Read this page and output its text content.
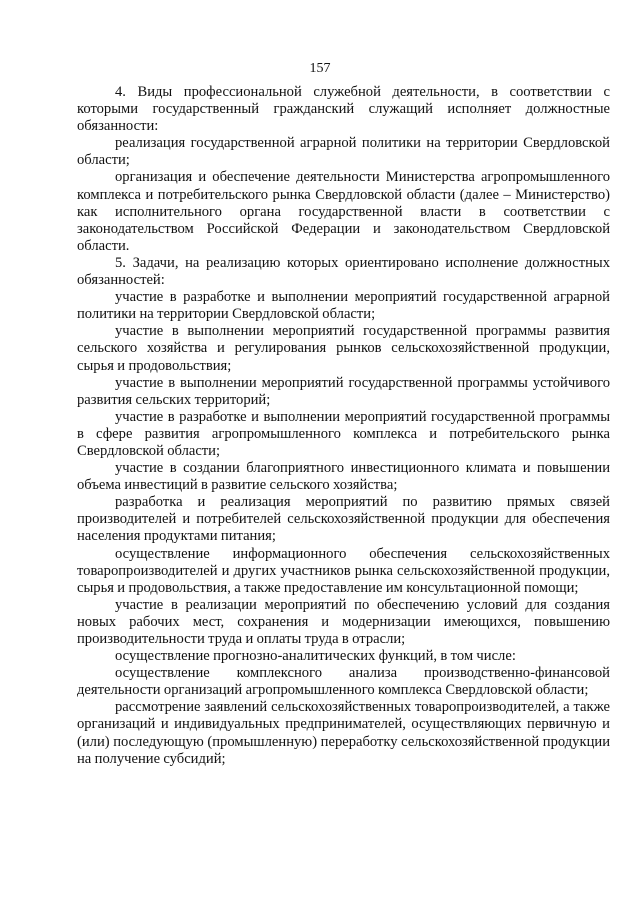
157

4. Виды профессиональной служебной деятельности, в соответствии с которыми государственный гражданский служащий исполняет должностные обязанности:

реализация государственной аграрной политики на территории Свердловской области;

организация и обеспечение деятельности Министерства агропромышленного комплекса и потребительского рынка Свердловской области (далее – Министерство) как исполнительного органа государственной власти в соответствии с законодательством Российской Федерации и законодательством Свердловской области.

5. Задачи, на реализацию которых ориентировано исполнение должностных обязанностей:

участие в разработке и выполнении мероприятий государственной аграрной политики на территории Свердловской области;

участие в выполнении мероприятий государственной программы развития сельского хозяйства и регулирования рынков сельскохозяйственной продукции, сырья и продовольствия;

участие в выполнении мероприятий государственной программы устойчивого развития сельских территорий;

участие в разработке и выполнении мероприятий государственной программы в сфере развития агропромышленного комплекса и потребительского рынка Свердловской области;

участие в создании благоприятного инвестиционного климата и повышении объема инвестиций в развитие сельского хозяйства;

разработка и реализация мероприятий по развитию прямых связей производителей и потребителей сельскохозяйственной продукции для обеспечения населения продуктами питания;

осуществление информационного обеспечения сельскохозяйственных товаропроизводителей и других участников рынка сельскохозяйственной продукции, сырья и продовольствия, а также предоставление им консультационной помощи;

участие в реализации мероприятий по обеспечению условий для создания новых рабочих мест, сохранения и модернизации имеющихся, повышению производительности труда и оплаты труда в отрасли;

осуществление прогнозно-аналитических функций, в том числе:

осуществление комплексного анализа производственно-финансовой деятельности организаций агропромышленного комплекса Свердловской области;

рассмотрение заявлений сельскохозяйственных товаропроизводителей, а также организаций и индивидуальных предпринимателей, осуществляющих первичную и (или) последующую (промышленную) переработку сельскохозяйственной продукции на получение субсидий;
